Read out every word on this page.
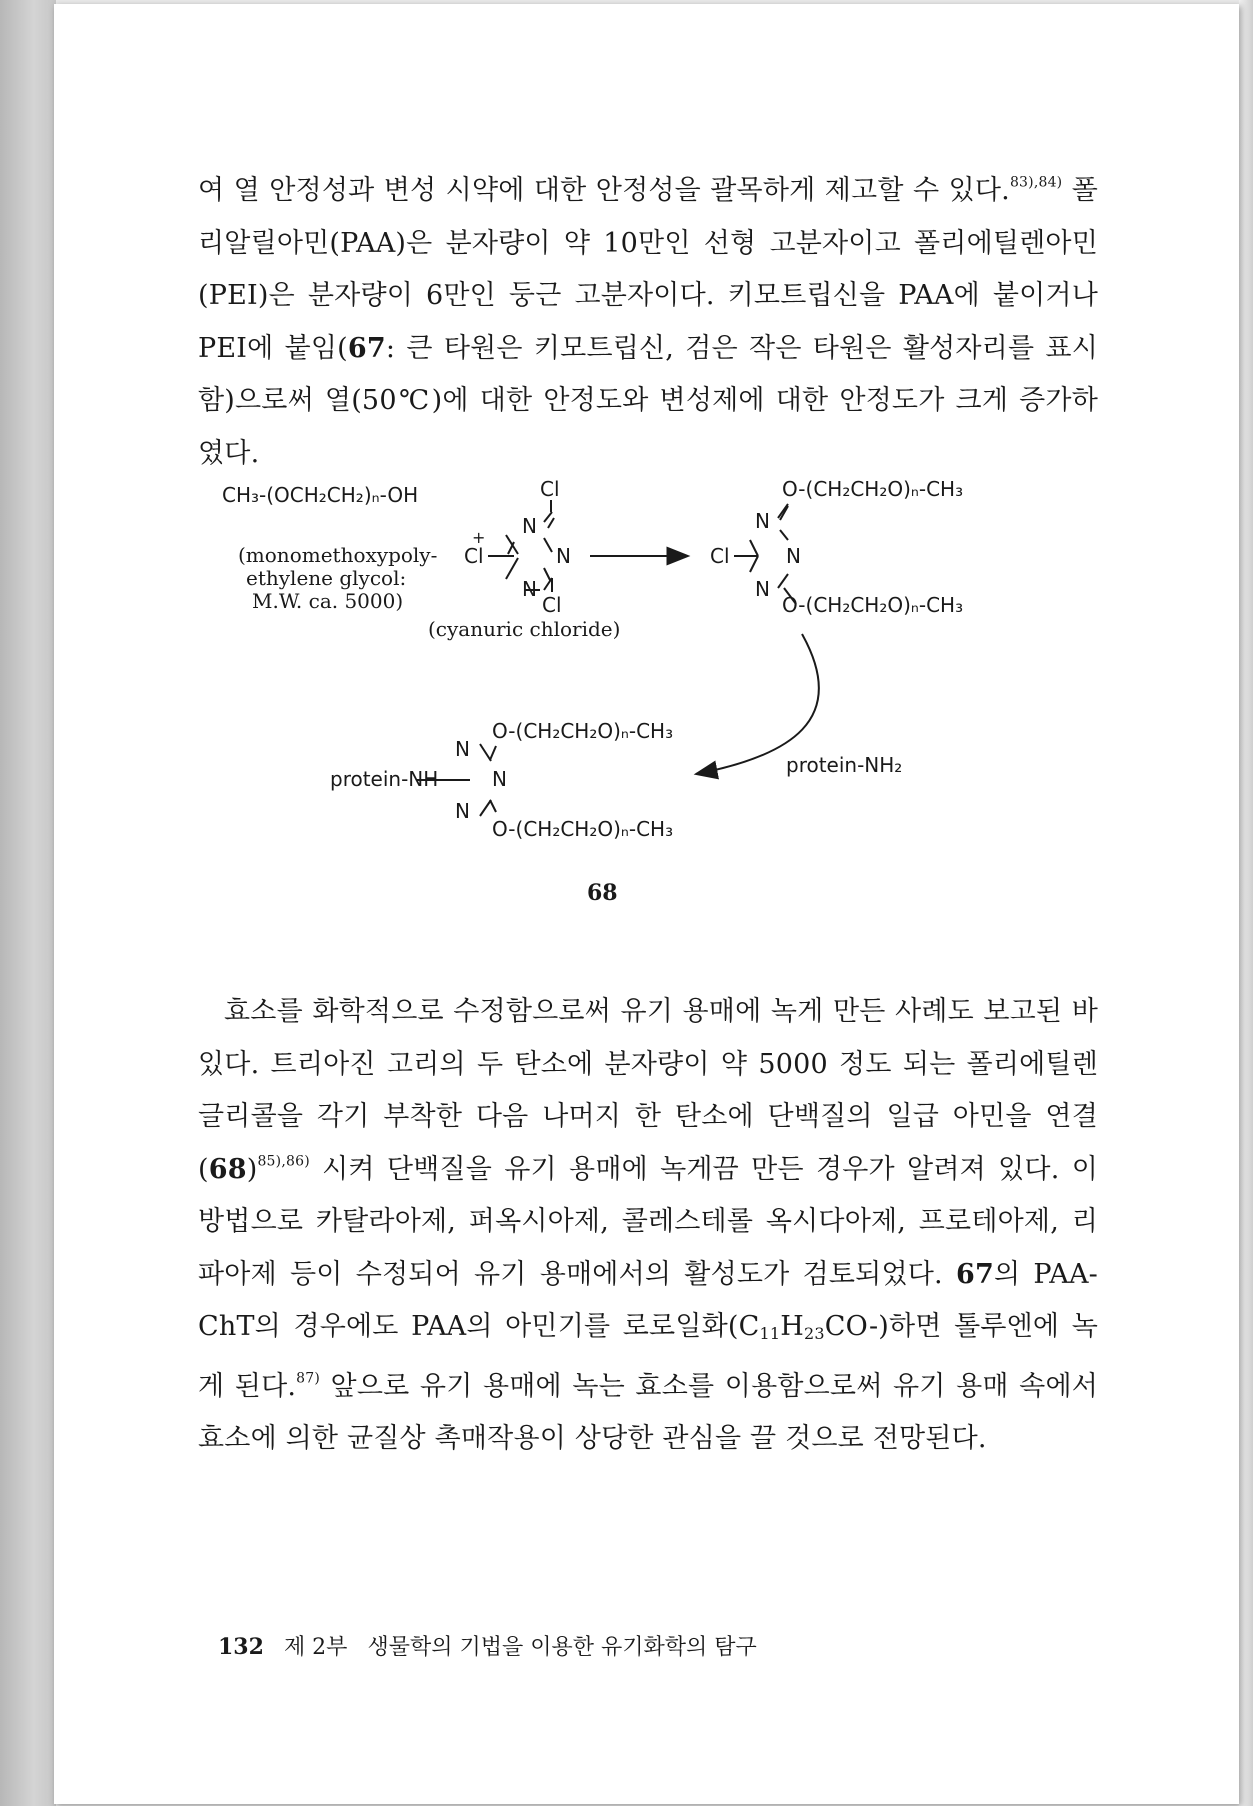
여 열 안정성과 변성 시약에 대한 안정성을 괄목하게 제고할 수 있다.$^{83),84)}$ 폴리알릴아민(PAA)은 분자량이 약 10만인 선형 고분자이고 폴리에틸렌아민(PEI)은 분자량이 6만인 둥근 고분자이다. 키모트립신을 PAA에 붙이거나 PEI에 붙임(67: 큰 타원은 키모트립신, 검은 작은 타원은 활성자리를 표시함)으로써 열(50℃)에 대한 안정도와 변성제에 대한 안정도가 크게 증가하였다.

CH₃-(OCH₂CH₂)ₙ-OH
(monomethoxypoly-
ethylene glycol:
M.W. ca. 5000)
+
Cl
N
N
N
Cl
Cl
(cyanuric chloride)
O-(CH₂CH₂O)ₙ-CH₃
N
N
N
Cl
O-(CH₂CH₂O)ₙ-CH₃
protein-NH₂
O-(CH₂CH₂O)ₙ-CH₃
N
N
N
protein-NH
O-(CH₂CH₂O)ₙ-CH₃
68

효소를 화학적으로 수정함으로써 유기 용매에 녹게 만든 사례도 보고된 바 있다. 트리아진 고리의 두 탄소에 분자량이 약 5000 정도 되는 폴리에틸렌글리콜을 각기 부착한 다음 나머지 한 탄소에 단백질의 일급 아민을 연결$(68)^{85),86)}$ 시켜 단백질을 유기 용매에 녹게끔 만든 경우가 알려져 있다. 이 방법으로 카탈라아제, 퍼옥시아제, 콜레스테롤 옥시다아제, 프로테아제, 리파아제 등이 수정되어 유기 용매에서의 활성도가 검토되었다. 67의 PAA-ChT의 경우에도 PAA의 아민기를 로로일화$(C_{11}H_{23}CO-)$하면 톨루엔에 녹게 된다.$^{87)}$ 앞으로 유기 용매에 녹는 효소를 이용함으로써 유기 용매 속에서 효소에 의한 균질상 촉매작용이 상당한 관심을 끌 것으로 전망된다.

132 제 2부 생물학의 기법을 이용한 유기화학의 탐구
